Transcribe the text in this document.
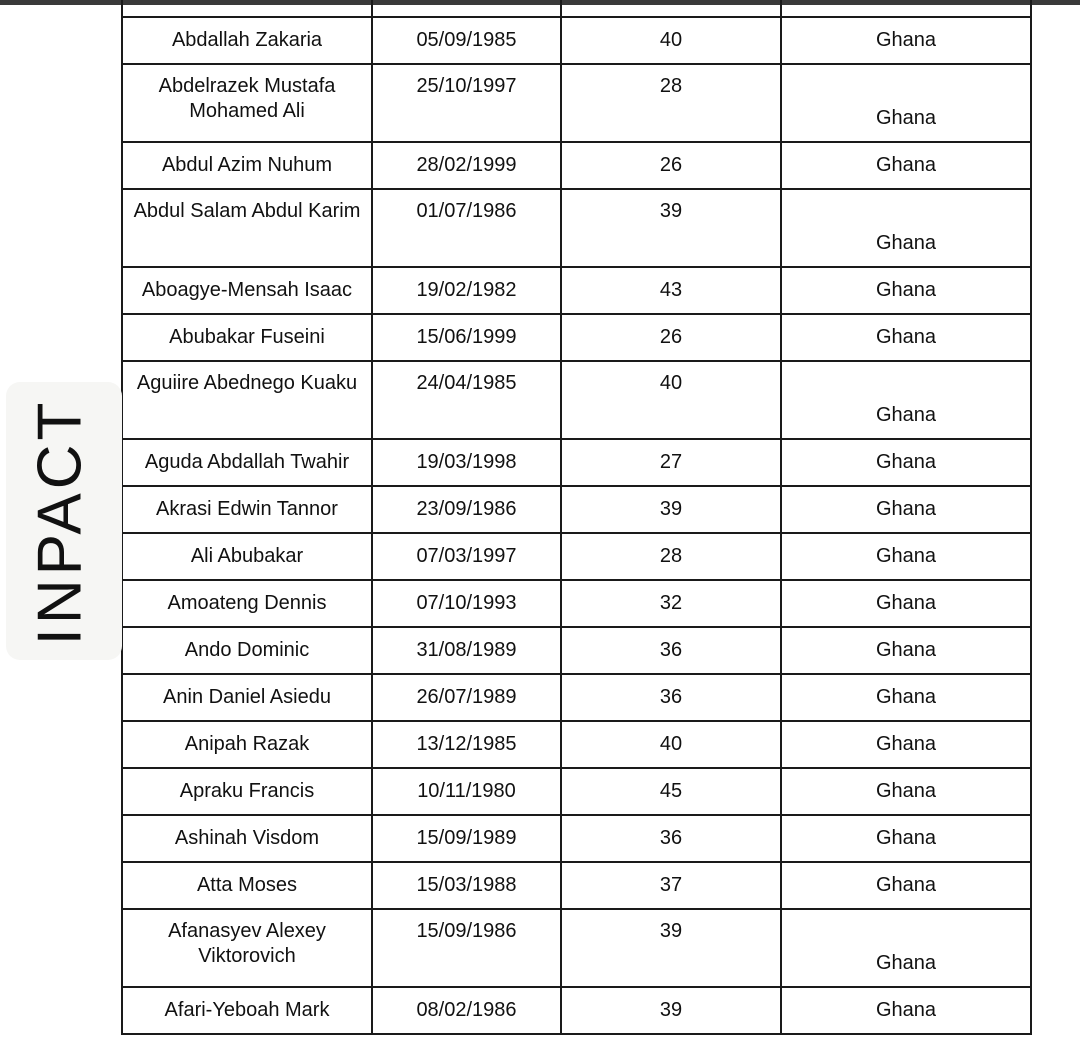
Abdallah Zakaria	05/09/1985	40	Ghana
Abdelrazek Mustafa Mohamed Ali	25/10/1997	28	Ghana
Abdul Azim Nuhum	28/02/1999	26	Ghana
Abdul Salam Abdul Karim	01/07/1986	39	Ghana
Aboagye-Mensah Isaac	19/02/1982	43	Ghana
Abubakar Fuseini	15/06/1999	26	Ghana
Aguiire Abednego Kuaku	24/04/1985	40	Ghana
Aguda Abdallah Twahir	19/03/1998	27	Ghana
Akrasi Edwin Tannor	23/09/1986	39	Ghana
Ali Abubakar	07/03/1997	28	Ghana
Amoateng Dennis	07/10/1993	32	Ghana
Ando Dominic	31/08/1989	36	Ghana
Anin Daniel Asiedu	26/07/1989	36	Ghana
Anipah Razak	13/12/1985	40	Ghana
Apraku Francis	10/11/1980	45	Ghana
Ashinah Visdom	15/09/1989	36	Ghana
Atta Moses	15/03/1988	37	Ghana
Afanasyev Alexey Viktorovich	15/09/1986	39	Ghana
Afari-Yeboah Mark	08/02/1986	39	Ghana
INPACT
